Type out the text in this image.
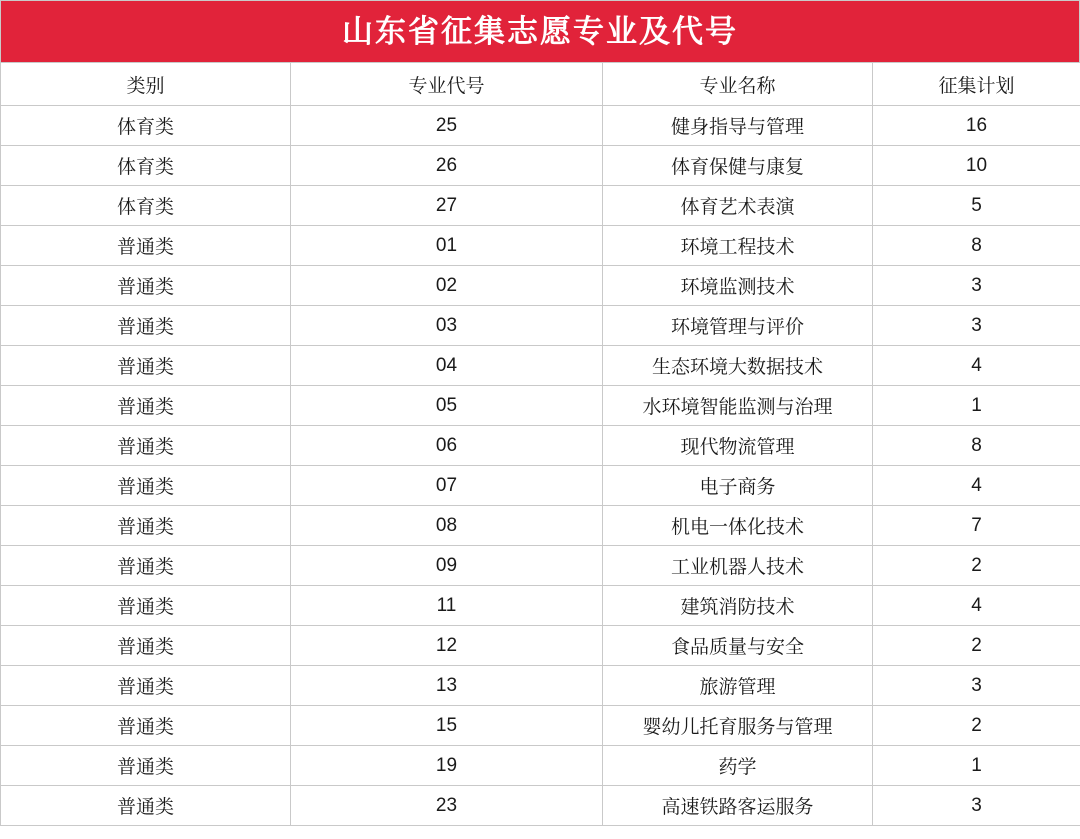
山东省征集志愿专业及代号
类别	专业代号	专业名称	征集计划
体育类	25	健身指导与管理	16
体育类	26	体育保健与康复	10
体育类	27	体育艺术表演	5
普通类	01	环境工程技术	8
普通类	02	环境监测技术	3
普通类	03	环境管理与评价	3
普通类	04	生态环境大数据技术	4
普通类	05	水环境智能监测与治理	1
普通类	06	现代物流管理	8
普通类	07	电子商务	4
普通类	08	机电一体化技术	7
普通类	09	工业机器人技术	2
普通类	11	建筑消防技术	4
普通类	12	食品质量与安全	2
普通类	13	旅游管理	3
普通类	15	婴幼儿托育服务与管理	2
普通类	19	药学	1
普通类	23	高速铁路客运服务	3
